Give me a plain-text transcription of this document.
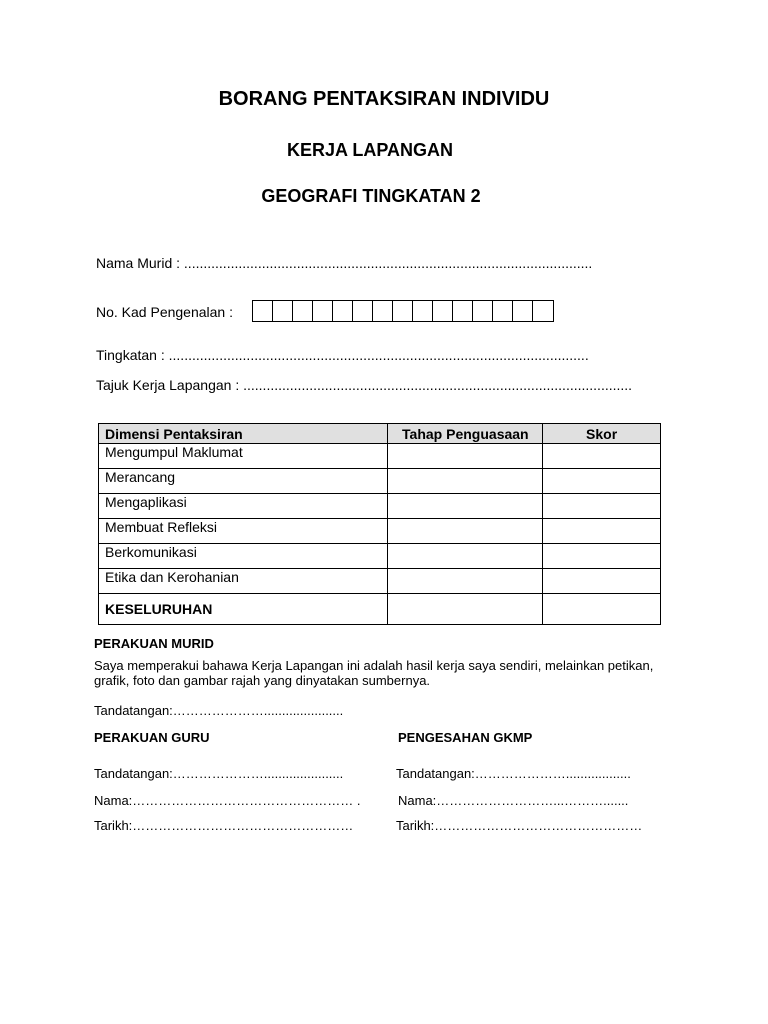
BORANG PENTAKSIRAN INDIVIDU
KERJA LAPANGAN
GEOGRAFI TINGKATAN 2
Nama Murid : .........................................................................................................
No. Kad Pengenalan :
Tingkatan : ............................................................................................................
Tajuk Kerja Lapangan : ....................................................................................................
Dimensi Pentaksiran	Tahap Penguasaan	Skor
Mengumpul Maklumat		
Merancang		
Mengaplikasi		
Membuat Refleksi		
Berkomunikasi		
Etika dan Kerohanian		
KESELURUHAN		
PERAKUAN MURID
Saya memperakui bahawa Kerja Lapangan ini adalah hasil kerja saya sendiri, melainkan petikan,
grafik, foto dan gambar rajah yang dinyatakan sumbernya.
Tandatangan:…………………......................
PERAKUAN GURU	PENGESAHAN GKMP
Tandatangan:…………………......................	Tandatangan:…………………..................
Nama:…………………………………………… .	Nama:………………………...……….......
Tarikh:……………………………………………	Tarikh:…………………………………………
